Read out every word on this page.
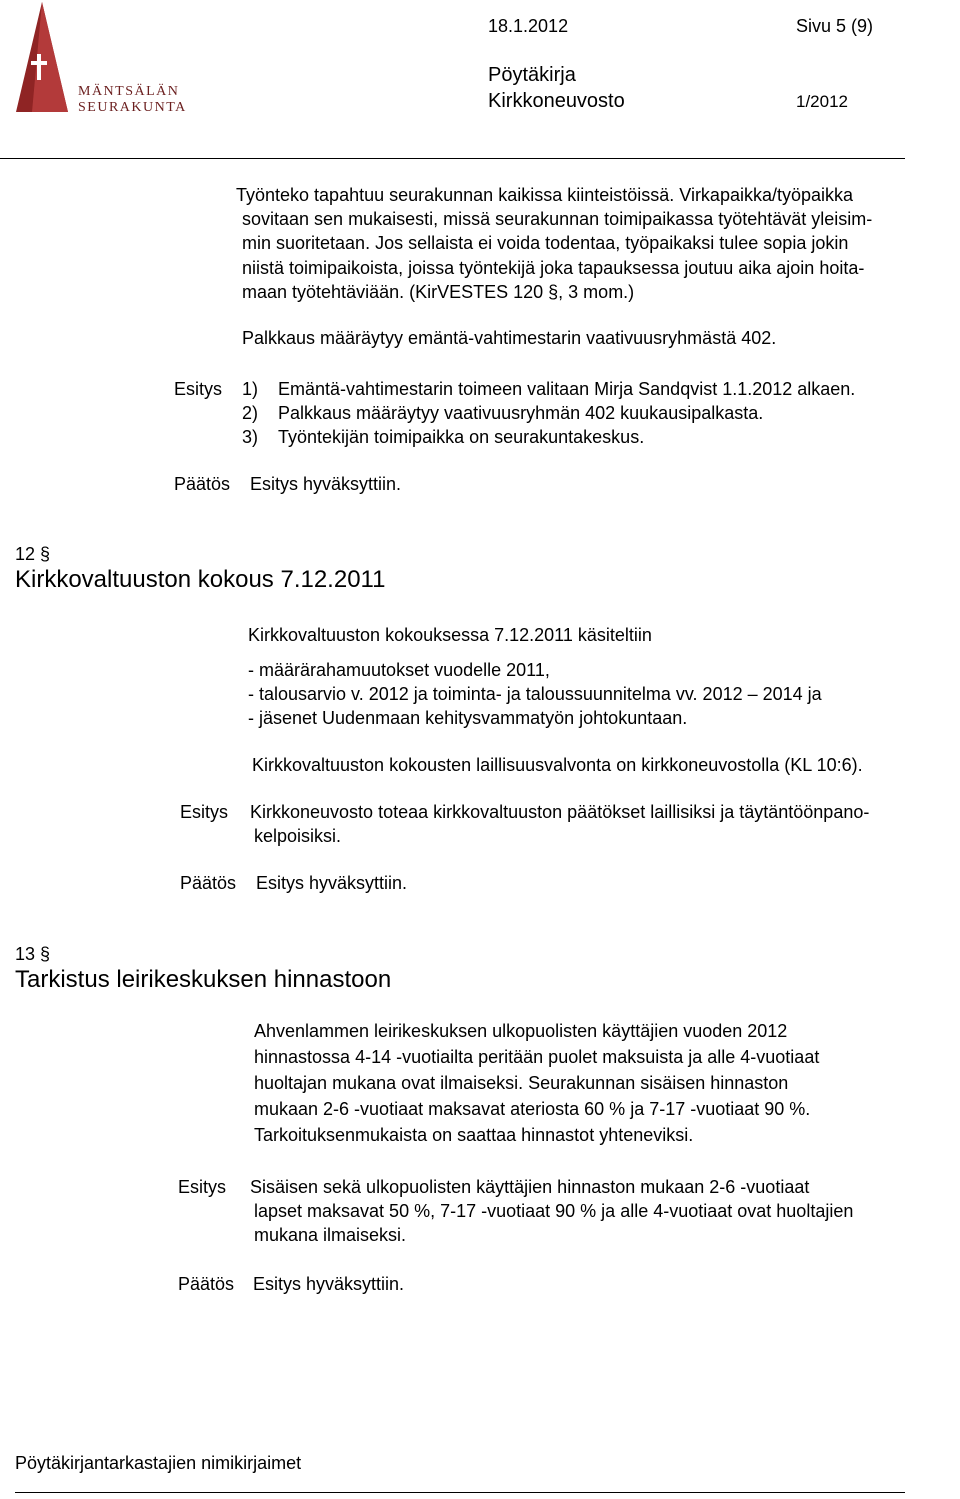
MÄNTSÄLÄN
SEURAKUNTA
18.1.2012	Sivu 5 (9)
Pöytäkirja
Kirkkoneuvosto	1/2012
Työnteko tapahtuu seurakunnan kaikissa kiinteistöissä. Virkapaikka/työpaikka
sovitaan sen mukaisesti, missä seurakunnan toimipaikassa työtehtävät yleisim-
min suoritetaan. Jos sellaista ei voida todentaa, työpaikaksi tulee sopia jokin
niistä toimipaikoista, joissa työntekijä joka tapauksessa joutuu aika ajoin hoita-
maan työtehtäviään. (KirVESTES 120 §, 3 mom.)
Palkkaus määräytyy emäntä-vahtimestarin vaativuusryhmästä 402.
Esitys 1) Emäntä-vahtimestarin toimeen valitaan Mirja Sandqvist 1.1.2012 alkaen.
2) Palkkaus määräytyy vaativuusryhmän 402 kuukausipalkasta.
3) Työntekijän toimipaikka on seurakuntakeskus.
Päätös Esitys hyväksyttiin.
12 §
Kirkkovaltuuston kokous 7.12.2011
Kirkkovaltuuston kokouksessa 7.12.2011 käsiteltiin
- määrärahamuutokset vuodelle 2011,
- talousarvio v. 2012 ja toiminta- ja taloussuunnitelma vv. 2012 – 2014 ja
- jäsenet Uudenmaan kehitysvammatyön johtokuntaan.
Kirkkovaltuuston kokousten laillisuusvalvonta on kirkkoneuvostolla (KL 10:6).
Esitys Kirkkoneuvosto toteaa kirkkovaltuuston päätökset laillisiksi ja täytäntöönpano-
kelpoisiksi.
Päätös Esitys hyväksyttiin.
13 §
Tarkistus leirikeskuksen hinnastoon
Ahvenlammen leirikeskuksen ulkopuolisten käyttäjien vuoden 2012
hinnastossa 4-14 -vuotiailta peritään puolet maksuista ja alle 4-vuotiaat
huoltajan mukana ovat ilmaiseksi. Seurakunnan sisäisen hinnaston
mukaan 2-6 -vuotiaat maksavat ateriosta 60 % ja 7-17 -vuotiaat 90 %.
Tarkoituksenmukaista on saattaa hinnastot yhteneviksi.
Esitys Sisäisen sekä ulkopuolisten käyttäjien hinnaston mukaan 2-6 -vuotiaat
lapset maksavat 50 %, 7-17 -vuotiaat 90 % ja alle 4-vuotiaat ovat huoltajien
mukana ilmaiseksi.
Päätös Esitys hyväksyttiin.
Pöytäkirjantarkastajien nimikirjaimet
